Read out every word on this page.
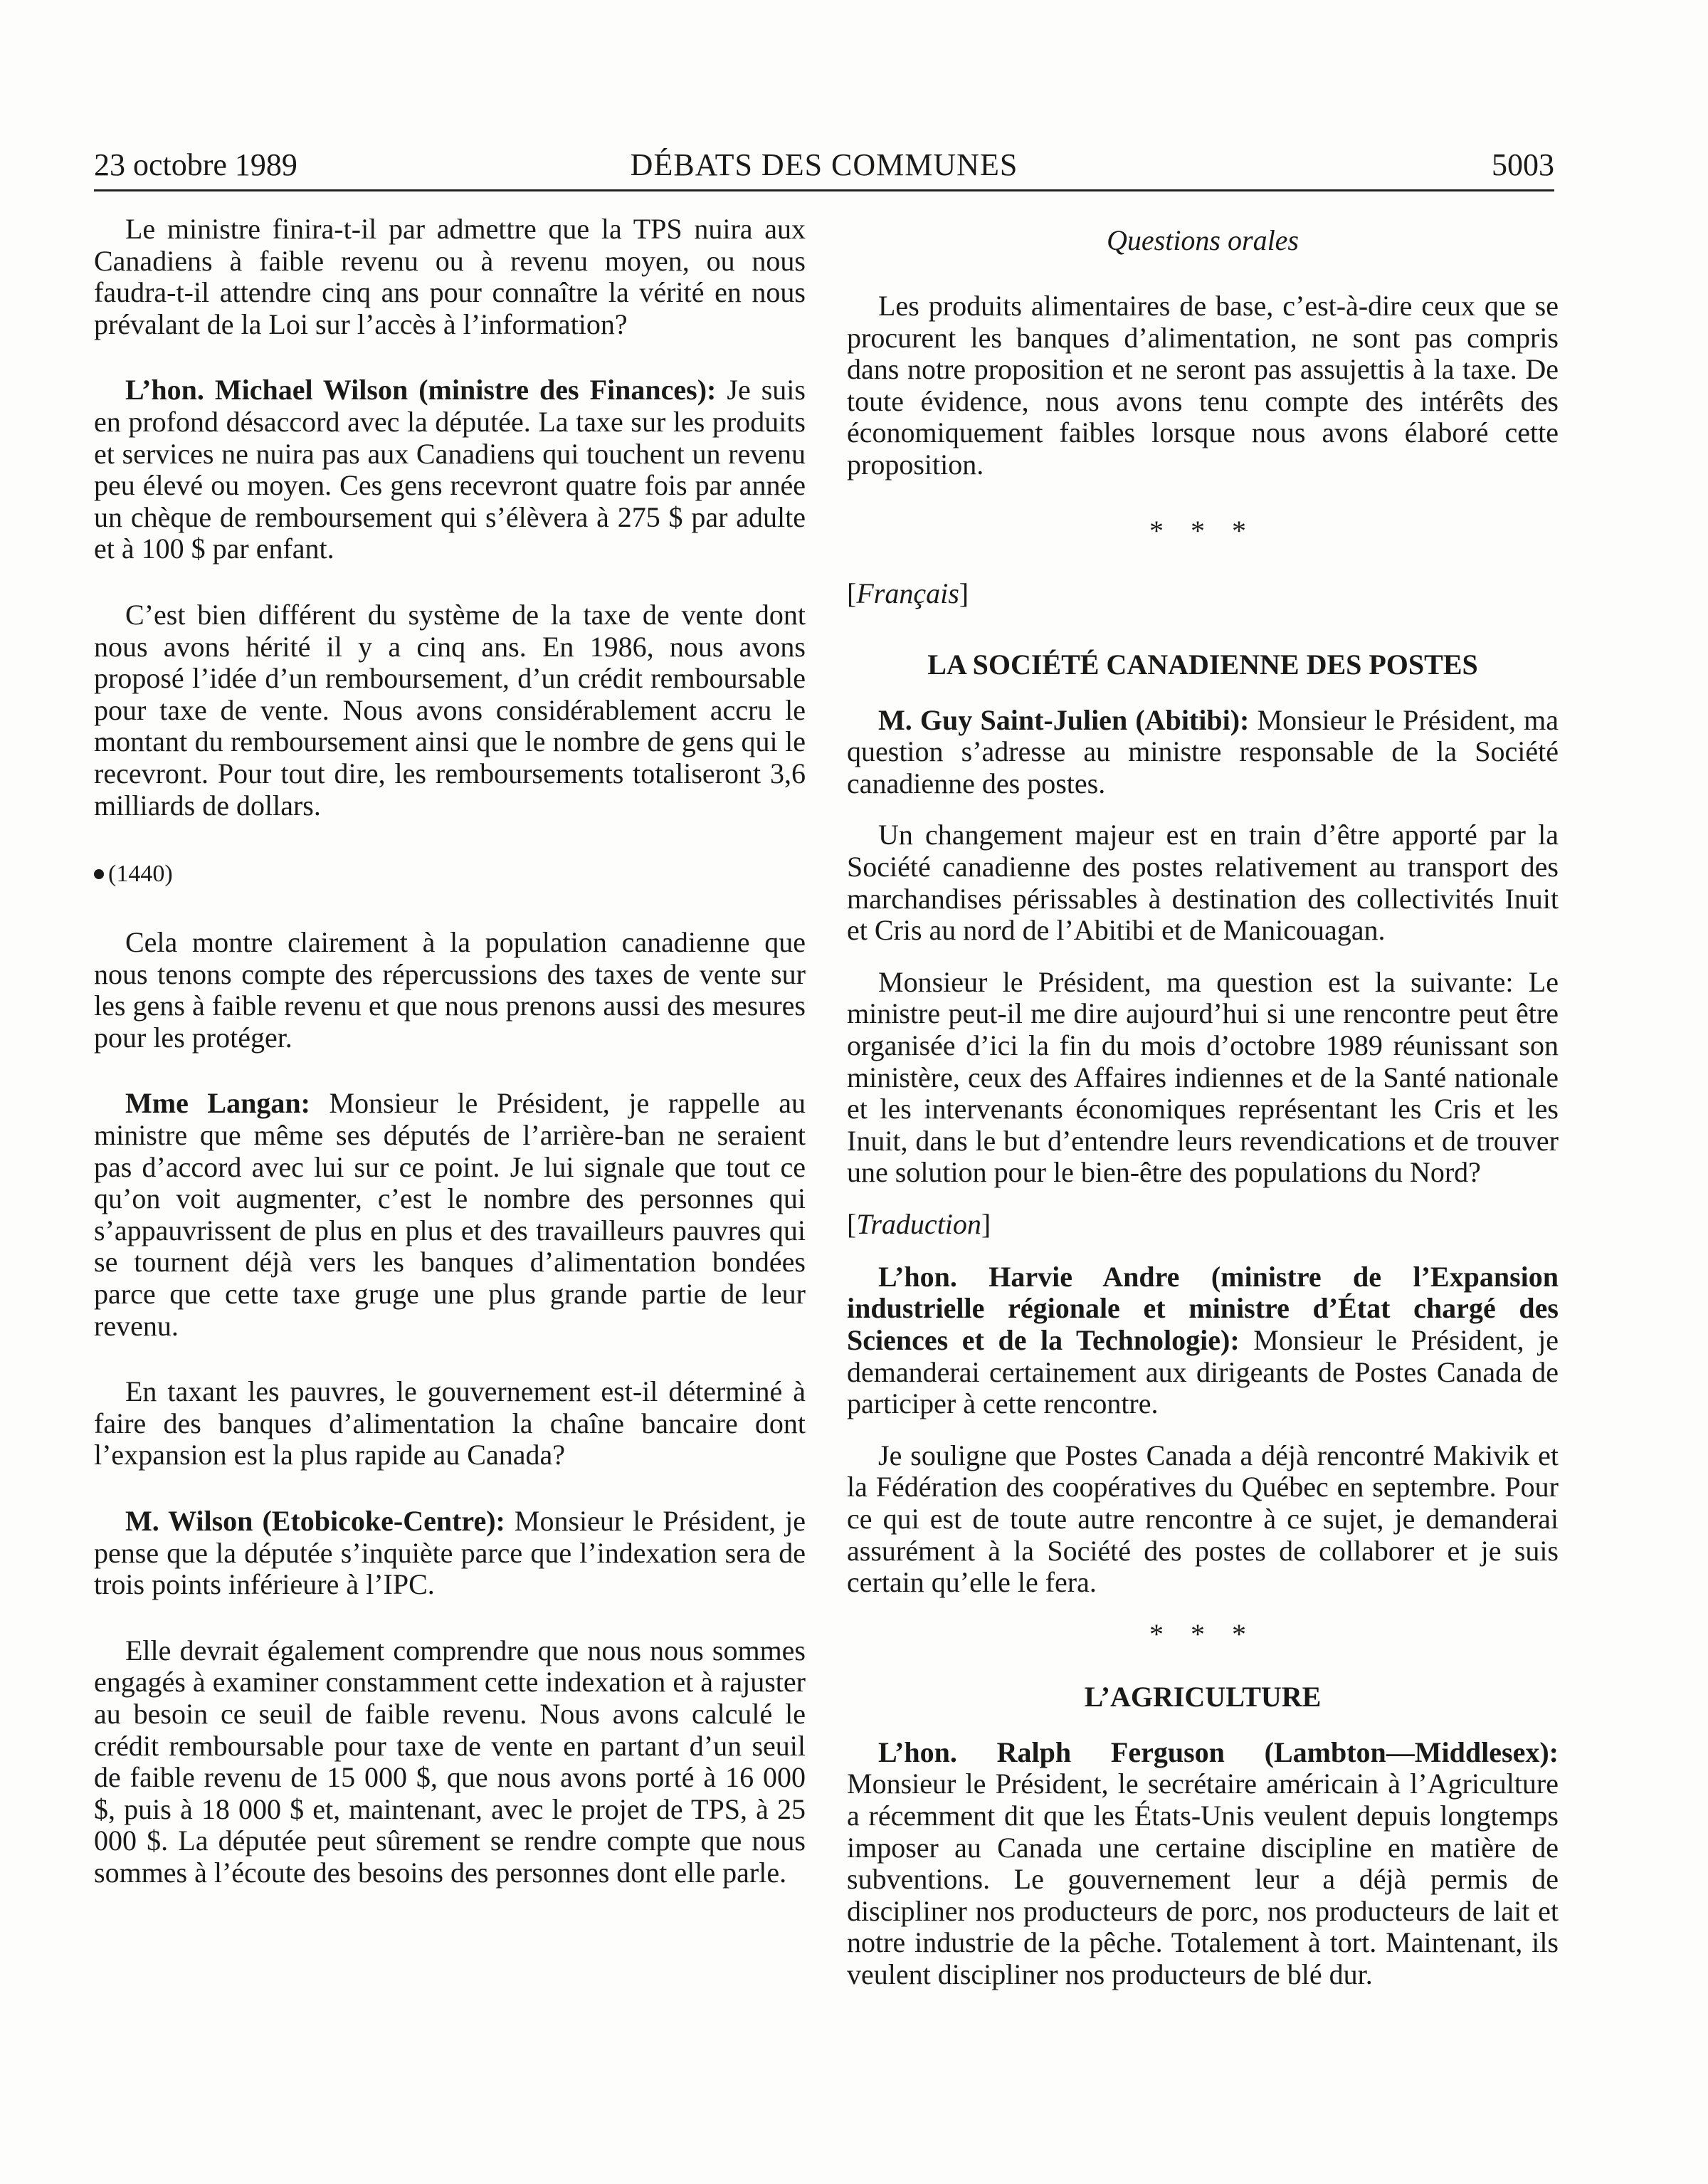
DÉBATS DES COMMUNES
23 octobre 1989	5003

Le ministre finira-t-il par admettre que la TPS nuira aux Canadiens à faible revenu ou à revenu moyen, ou nous faudra-t-il attendre cinq ans pour connaître la vérité en nous prévalant de la Loi sur l’accès à l’information?

L’hon. Michael Wilson (ministre des Finances): Je suis en profond désaccord avec la députée. La taxe sur les produits et services ne nuira pas aux Canadiens qui touchent un revenu peu élevé ou moyen. Ces gens recevront quatre fois par année un chèque de remboursement qui s’élèvera à 275 $ par adulte et à 100 $ par enfant.

C’est bien différent du système de la taxe de vente dont nous avons hérité il y a cinq ans. En 1986, nous avons proposé l’idée d’un remboursement, d’un crédit remboursable pour taxe de vente. Nous avons considérablement accru le montant du remboursement ainsi que le nombre de gens qui le recevront. Pour tout dire, les remboursements totaliseront 3,6 milliards de dollars.

(1440)

Cela montre clairement à la population canadienne que nous tenons compte des répercussions des taxes de vente sur les gens à faible revenu et que nous prenons aussi des mesures pour les protéger.

Mme Langan: Monsieur le Président, je rappelle au ministre que même ses députés de l’arrière-ban ne seraient pas d’accord avec lui sur ce point. Je lui signale que tout ce qu’on voit augmenter, c’est le nombre des personnes qui s’appauvrissent de plus en plus et des travailleurs pauvres qui se tournent déjà vers les banques d’alimentation bondées parce que cette taxe gruge une plus grande partie de leur revenu.

En taxant les pauvres, le gouvernement est-il déterminé à faire des banques d’alimentation la chaîne bancaire dont l’expansion est la plus rapide au Canada?

M. Wilson (Etobicoke-Centre): Monsieur le Président, je pense que la députée s’inquiète parce que l’indexation sera de trois points inférieure à l’IPC.

Elle devrait également comprendre que nous nous sommes engagés à examiner constamment cette indexation et à rajuster au besoin ce seuil de faible revenu. Nous avons calculé le crédit remboursable pour taxe de vente en partant d’un seuil de faible revenu de 15 000 $, que nous avons porté à 16 000 $, puis à 18 000 $ et, maintenant, avec le projet de TPS, à 25 000 $. La députée peut sûrement se rendre compte que nous sommes à l’écoute des besoins des personnes dont elle parle.

Questions orales

Les produits alimentaires de base, c’est-à-dire ceux que se procurent les banques d’alimentation, ne sont pas compris dans notre proposition et ne seront pas assujettis à la taxe. De toute évidence, nous avons tenu compte des intérêts des économiquement faibles lorsque nous avons élaboré cette proposition.

* * *
[Français]
LA SOCIÉTÉ CANADIENNE DES POSTES

M. Guy Saint-Julien (Abitibi): Monsieur le Président, ma question s’adresse au ministre responsable de la Société canadienne des postes.

Un changement majeur est en train d’être apporté par la Société canadienne des postes relativement au transport des marchandises périssables à destination des collectivités Inuit et Cris au nord de l’Abitibi et de Manicouagan.

Monsieur le Président, ma question est la suivante: Le ministre peut-il me dire aujourd’hui si une rencontre peut être organisée d’ici la fin du mois d’octobre 1989 réunissant son ministère, ceux des Affaires indiennes et de la Santé nationale et les intervenants économiques représentant les Cris et les Inuit, dans le but d’entendre leurs revendications et de trouver une solution pour le bien-être des populations du Nord?

[Traduction]

L’hon. Harvie Andre (ministre de l’Expansion industrielle régionale et ministre d’État chargé des Sciences et de la Technologie): Monsieur le Président, je demanderai certainement aux dirigeants de Postes Canada de participer à cette rencontre.

Je souligne que Postes Canada a déjà rencontré Makivik et la Fédération des coopératives du Québec en septembre. Pour ce qui est de toute autre rencontre à ce sujet, je demanderai assurément à la Société des postes de collaborer et je suis certain qu’elle le fera.

* * *
L’AGRICULTURE

L’hon. Ralph Ferguson (Lambton—Middlesex): Monsieur le Président, le secrétaire américain à l’Agriculture a récemment dit que les États-Unis veulent depuis longtemps imposer au Canada une certaine discipline en matière de subventions. Le gouvernement leur a déjà permis de discipliner nos producteurs de porc, nos producteurs de lait et notre industrie de la pêche. Totalement à tort. Maintenant, ils veulent discipliner nos producteurs de blé dur.
